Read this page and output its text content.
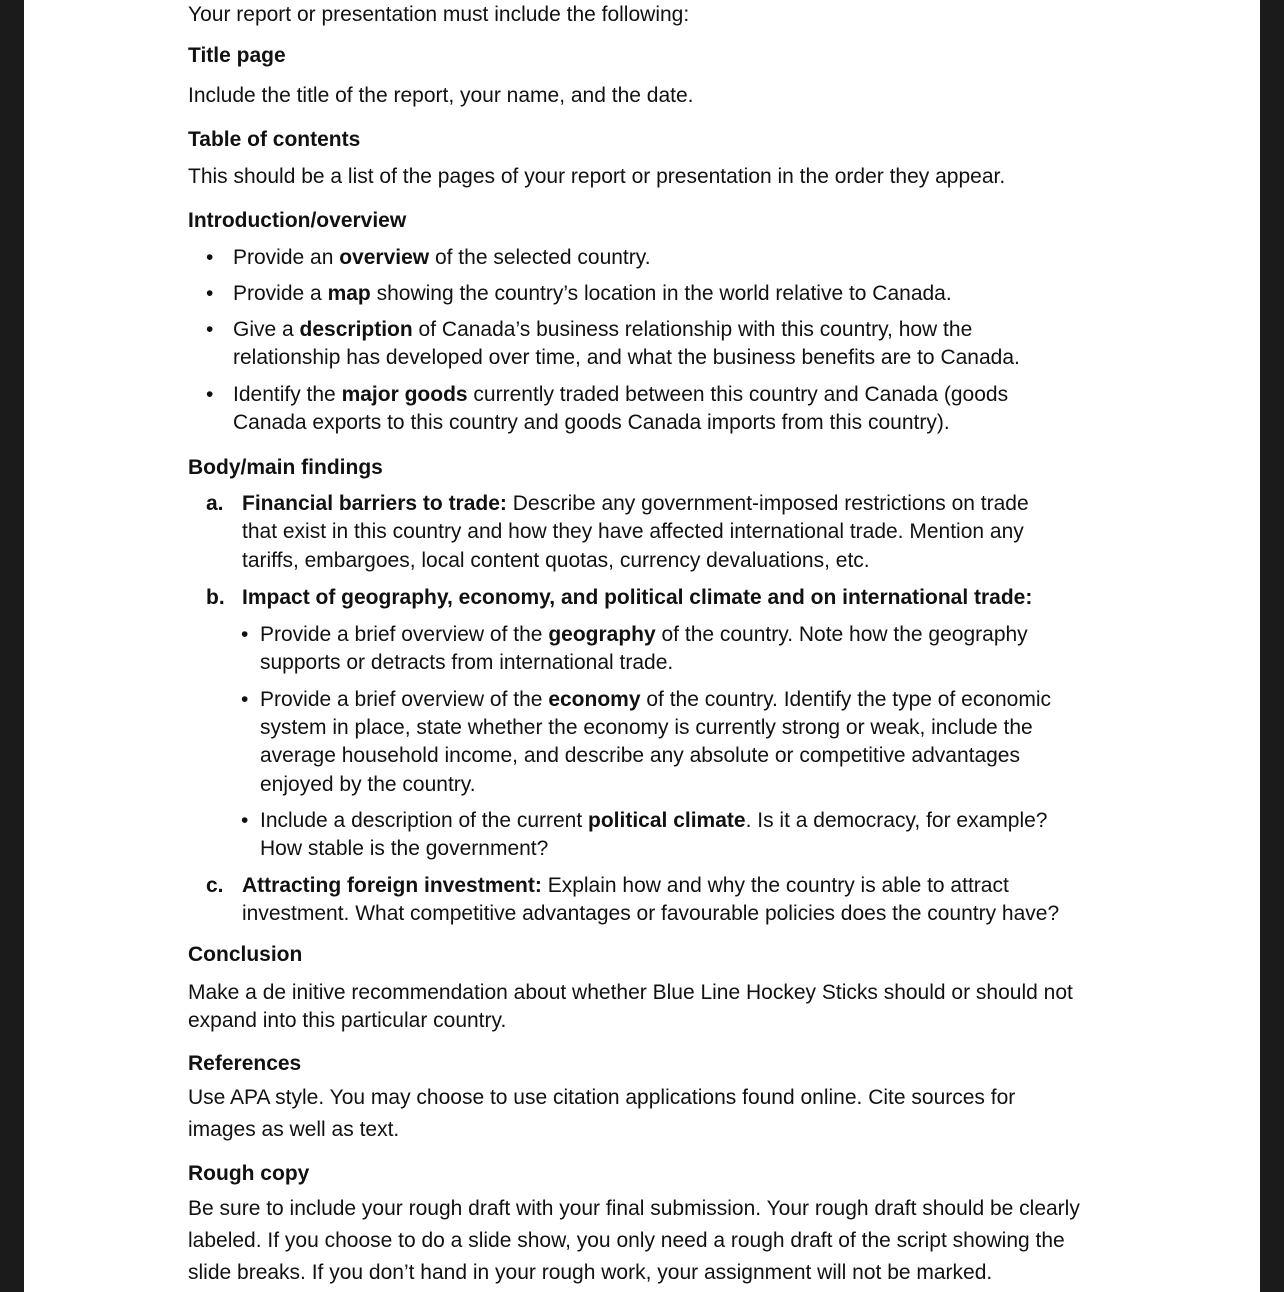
Your report or presentation must include the following:
Title page
Include the title of the report, your name, and the date.
Table of contents
This should be a list of the pages of your report or presentation in the order they appear.
Introduction/overview
• Provide an overview of the selected country.
• Provide a map showing the country’s location in the world relative to Canada.
• Give a description of Canada’s business relationship with this country, how the
relationship has developed over time, and what the business benefits are to Canada.
• Identify the major goods currently traded between this country and Canada (goods
Canada exports to this country and goods Canada imports from this country).
Body/main findings
a. Financial barriers to trade: Describe any government-imposed restrictions on trade
that exist in this country and how they have affected international trade. Mention any
tariffs, embargoes, local content quotas, currency devaluations, etc.
b. Impact of geography, economy, and political climate and on international trade:
• Provide a brief overview of the geography of the country. Note how the geography
supports or detracts from international trade.
• Provide a brief overview of the economy of the country. Identify the type of economic
system in place, state whether the economy is currently strong or weak, include the
average household income, and describe any absolute or competitive advantages
enjoyed by the country.
• Include a description of the current political climate. Is it a democracy, for example?
How stable is the government?
c. Attracting foreign investment: Explain how and why the country is able to attract
investment. What competitive advantages or favourable policies does the country have?
Conclusion
Make a de initive recommendation about whether Blue Line Hockey Sticks should or should not
expand into this particular country.
References
Use APA style. You may choose to use citation applications found online. Cite sources for
images as well as text.
Rough copy
Be sure to include your rough draft with your final submission. Your rough draft should be clearly
labeled. If you choose to do a slide show, you only need a rough draft of the script showing the
slide breaks. If you don’t hand in your rough work, your assignment will not be marked.
